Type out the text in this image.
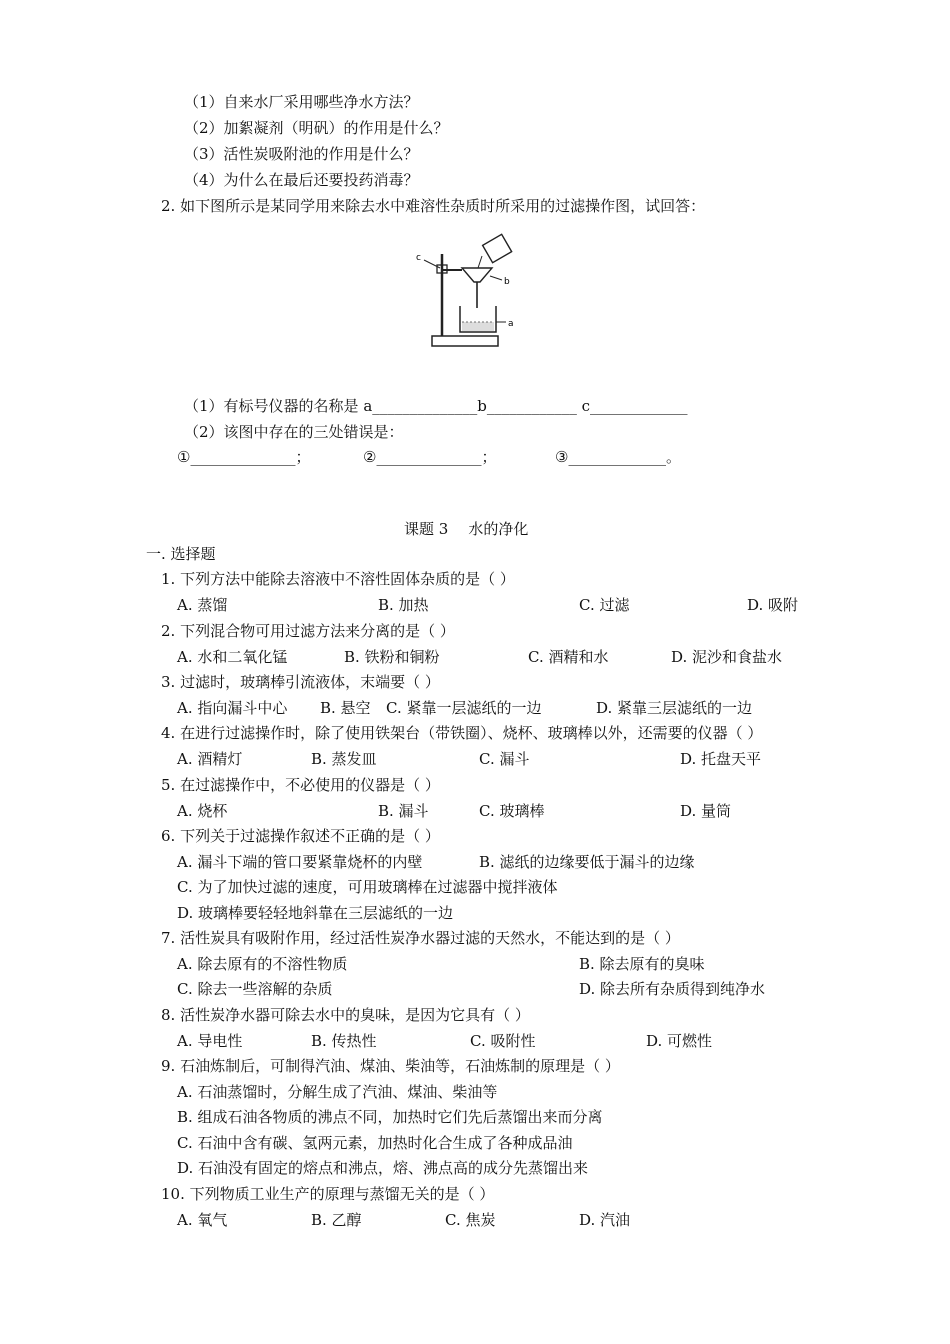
（1）自来水厂采用哪些净水方法？
（2）加絮凝剂（明矾）的作用是什么？
（3）活性炭吸附池的作用是什么？
（4）为什么在最后还要投药消毒？
2. 如下图所示是某同学用来除去水中难溶性杂质时所采用的过滤操作图，试回答：
c
b
a
（1）有标号仪器的名称是 a______________b____________ c_____________
（2）该图中存在的三处错误是：
①______________；	②______________；	③_____________。
课题 3 水的净化
一. 选择题
1. 下列方法中能除去溶液中不溶性固体杂质的是（ ）
A. 蒸馏	B. 加热	C. 过滤	D. 吸附
2. 下列混合物可用过滤方法来分离的是（ ）
A. 水和二氧化锰	B. 铁粉和铜粉	C. 酒精和水	D. 泥沙和食盐水
3. 过滤时，玻璃棒引流液体，末端要（ ）
A. 指向漏斗中心 B. 悬空 C. 紧靠一层滤纸的一边	D. 紧靠三层滤纸的一边
4. 在进行过滤操作时，除了使用铁架台（带铁圈）、烧杯、玻璃棒以外，还需要的仪器（ ）
A. 酒精灯	B. 蒸发皿	C. 漏斗	D. 托盘天平
5. 在过滤操作中，不必使用的仪器是（ ）
A. 烧杯	B. 漏斗	C. 玻璃棒	D. 量筒
6. 下列关于过滤操作叙述不正确的是（ ）
A. 漏斗下端的管口要紧靠烧杯的内壁	B. 滤纸的边缘要低于漏斗的边缘
C. 为了加快过滤的速度，可用玻璃棒在过滤器中搅拌液体
D. 玻璃棒要轻轻地斜靠在三层滤纸的一边
7. 活性炭具有吸附作用，经过活性炭净水器过滤的天然水，不能达到的是（ ）
A. 除去原有的不溶性物质	B. 除去原有的臭味
C. 除去一些溶解的杂质	D. 除去所有杂质得到纯净水
8. 活性炭净水器可除去水中的臭味，是因为它具有（ ）
A. 导电性	B. 传热性	C. 吸附性	D. 可燃性
9. 石油炼制后，可制得汽油、煤油、柴油等，石油炼制的原理是（ ）
A. 石油蒸馏时，分解生成了汽油、煤油、柴油等
B. 组成石油各物质的沸点不同，加热时它们先后蒸馏出来而分离
C. 石油中含有碳、氢两元素，加热时化合生成了各种成品油
D. 石油没有固定的熔点和沸点，熔、沸点高的成分先蒸馏出来
10. 下列物质工业生产的原理与蒸馏无关的是（ ）
A. 氧气	B. 乙醇	C. 焦炭	D. 汽油
